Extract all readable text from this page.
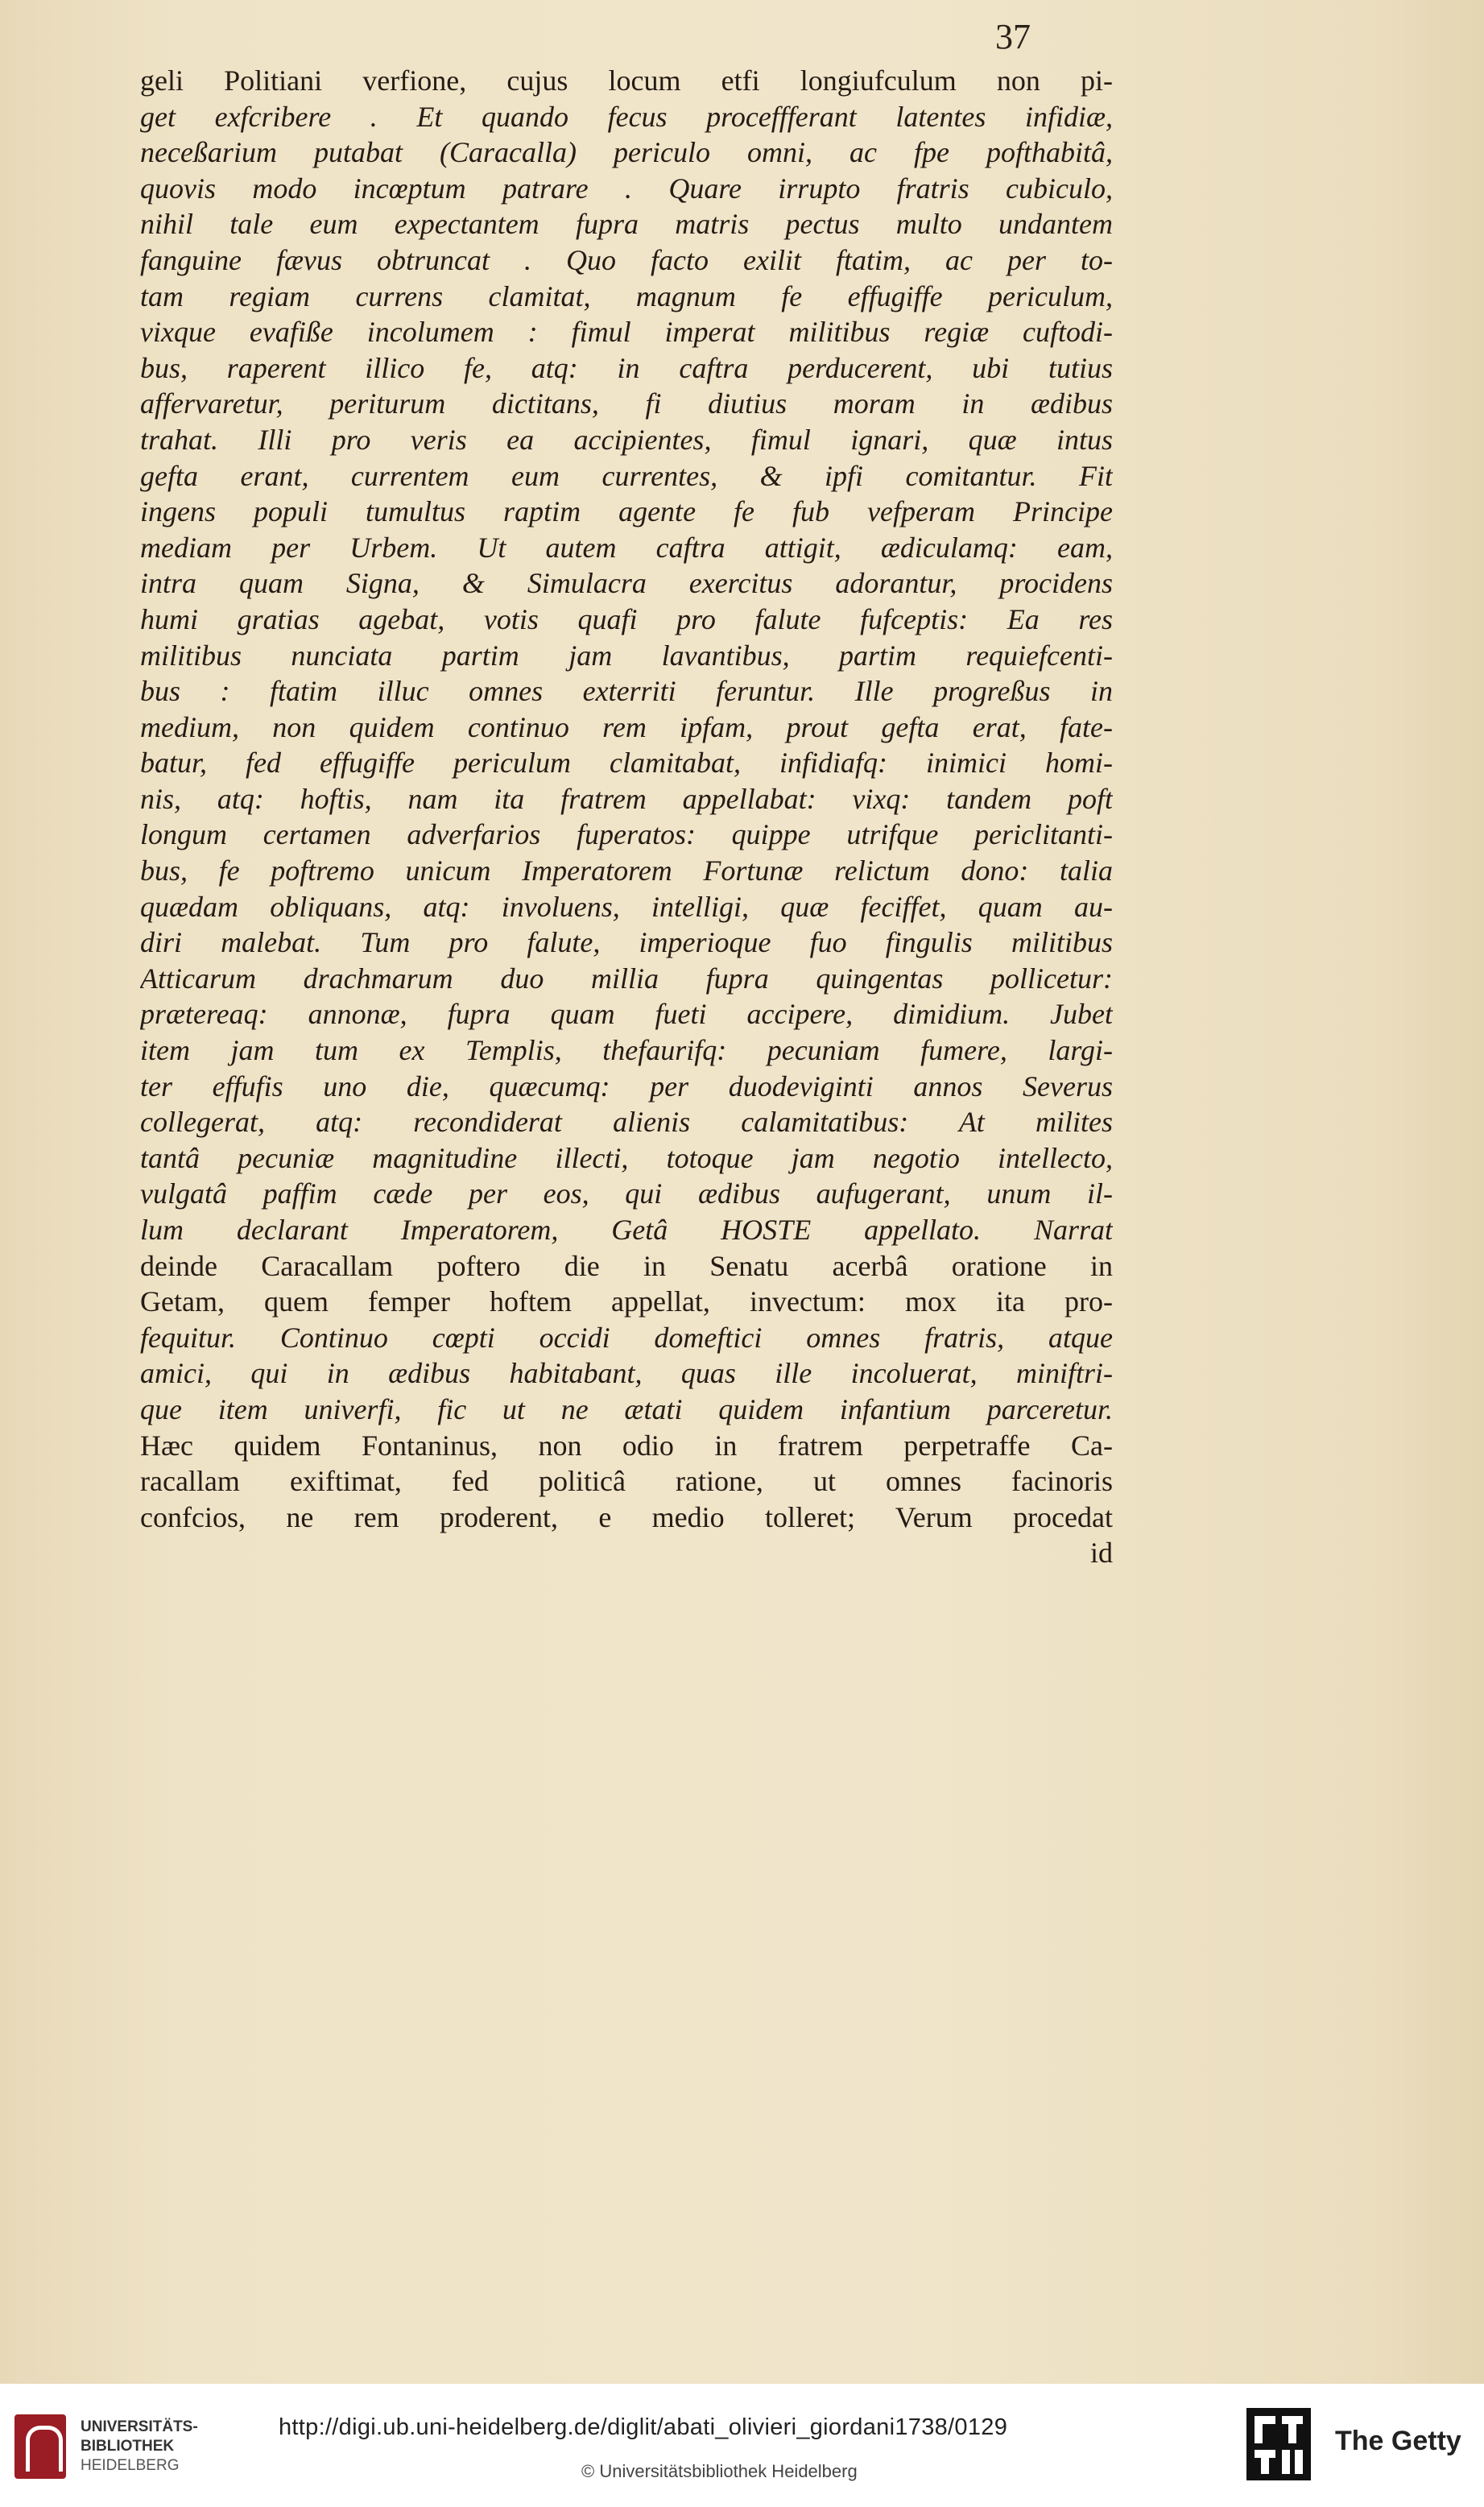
37
geli Politiani verfione, cujus locum etfi longiufculum non pi-
get exfcribere . Et quando fecus proceffferant latentes infidiæ,
neceßarium putabat (Caracalla) periculo omni, ac fpe pofthabitâ,
quovis modo incœptum patrare . Quare irrupto fratris cubiculo,
nihil tale eum expectantem fupra matris pectus multo undantem
fanguine fævus obtruncat . Quo facto exilit ftatim, ac per to-
tam regiam currens clamitat, magnum fe effugiffe periculum,
vixque evafiße incolumem : fimul imperat militibus regiæ cuftodi-
bus, raperent illico fe, atq: in caftra perducerent, ubi tutius
affervaretur, periturum dictitans, fi diutius moram in ædibus
trahat. Illi pro veris ea accipientes, fimul ignari, quæ intus
gefta erant, currentem eum currentes, & ipfi comitantur. Fit
ingens populi tumultus raptim agente fe fub vefperam Principe
mediam per Urbem. Ut autem caftra attigit, ædiculamq: eam,
intra quam Signa, & Simulacra exercitus adorantur, procidens
humi gratias agebat, votis quafi pro falute fufceptis: Ea res
militibus nunciata partim jam lavantibus, partim requiefcenti-
bus : ftatim illuc omnes exterriti feruntur. Ille progreßus in
medium, non quidem continuo rem ipfam, prout gefta erat, fate-
batur, fed effugiffe periculum clamitabat, infidiafq: inimici homi-
nis, atq: hoftis, nam ita fratrem appellabat: vixq: tandem poft
longum certamen adverfarios fuperatos: quippe utrifque periclitanti-
bus, fe poftremo unicum Imperatorem Fortunæ relictum dono: talia
quædam obliquans, atq: involuens, intelligi, quæ feciffet, quam au-
diri malebat. Tum pro falute, imperioque fuo fingulis militibus
Atticarum drachmarum duo millia fupra quingentas pollicetur:
prætereaq: annonæ, fupra quam fueti accipere, dimidium. Jubet
item jam tum ex Templis, thefaurifq: pecuniam fumere, largi-
ter effufis uno die, quæcumq: per duodeviginti annos Severus
collegerat, atq: recondiderat alienis calamitatibus: At milites
tantâ pecuniæ magnitudine illecti, totoque jam negotio intellecto,
vulgatâ paffim cæde per eos, qui ædibus aufugerant, unum il-
lum declarant Imperatorem, Getâ HOSTE appellato. Narrat
deinde Caracallam poftero die in Senatu acerbâ oratione in
Getam, quem femper hoftem appellat, invectum: mox ita pro-
fequitur. Continuo cœpti occidi domeftici omnes fratris, atque
amici, qui in ædibus habitabant, quas ille incoluerat, miniftri-
que item univerfi, fic ut ne ætati quidem infantium parceretur.
Hæc quidem Fontaninus, non odio in fratrem perpetraffe Ca-
racallam exiftimat, fed politicâ ratione, ut omnes facinoris
confcios, ne rem proderent, e medio tolleret; Verum procedat
id
UNIVERSITÄTS-
BIBLIOTHEK
HEIDELBERG
http://digi.ub.uni-heidelberg.de/diglit/abati_olivieri_giordani1738/0129
© Universitätsbibliothek Heidelberg
The Getty
